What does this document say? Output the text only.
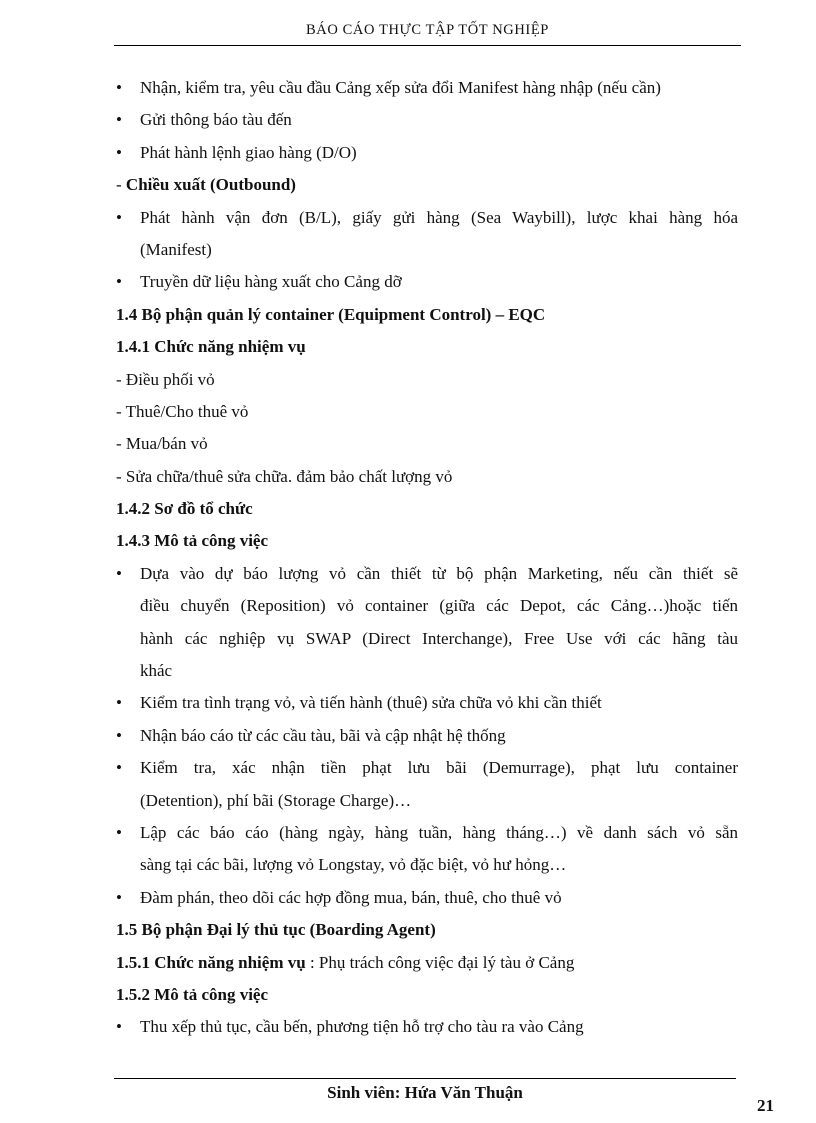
BÁO CÁO THỰC TẬP TỐT NGHIỆP
• Nhận, kiểm tra, yêu cầu đầu Cảng xếp sửa đổi Manifest hàng nhập (nếu cần)
• Gửi thông báo tàu đến
• Phát hành lệnh giao hàng (D/O)
- Chiều xuất (Outbound)
• Phát hành vận đơn (B/L), giấy gửi hàng (Sea Waybill), lược khai hàng hóa
(Manifest)
• Truyền dữ liệu hàng xuất cho Cảng dỡ
1.4 Bộ phận quản lý container (Equipment Control) – EQC
1.4.1 Chức năng nhiệm vụ
- Điều phối vỏ
- Thuê/Cho thuê vỏ
- Mua/bán vỏ
- Sửa chữa/thuê sửa chữa. đảm bảo chất lượng vỏ
1.4.2 Sơ đồ tổ chức
1.4.3 Mô tả công việc
• Dựa vào dự báo lượng vỏ cần thiết từ bộ phận Marketing, nếu cần thiết sẽ
điều chuyển (Reposition) vỏ container (giữa các Depot, các Cảng…)hoặc tiến
hành các nghiệp vụ SWAP (Direct Interchange), Free Use với các hãng tàu
khác
• Kiểm tra tình trạng vỏ, và tiến hành (thuê) sửa chữa vỏ khi cần thiết
• Nhận báo cáo từ các cầu tàu, bãi và cập nhật hệ thống
• Kiểm tra, xác nhận tiền phạt lưu bãi (Demurrage), phạt lưu container
(Detention), phí bãi (Storage Charge)…
• Lập các báo cáo (hàng ngày, hàng tuần, hàng tháng…) về danh sách vỏ sẵn
sàng tại các bãi, lượng vỏ Longstay, vỏ đặc biệt, vỏ hư hỏng…
• Đàm phán, theo dõi các hợp đồng mua, bán, thuê, cho thuê vỏ
1.5 Bộ phận Đại lý thủ tục (Boarding Agent)
1.5.1 Chức năng nhiệm vụ : Phụ trách công việc đại lý tàu ở Cảng
1.5.2 Mô tả công việc
• Thu xếp thủ tục, cầu bến, phương tiện hỗ trợ cho tàu ra vào Cảng
Sinh viên: Hứa Văn Thuận
21
